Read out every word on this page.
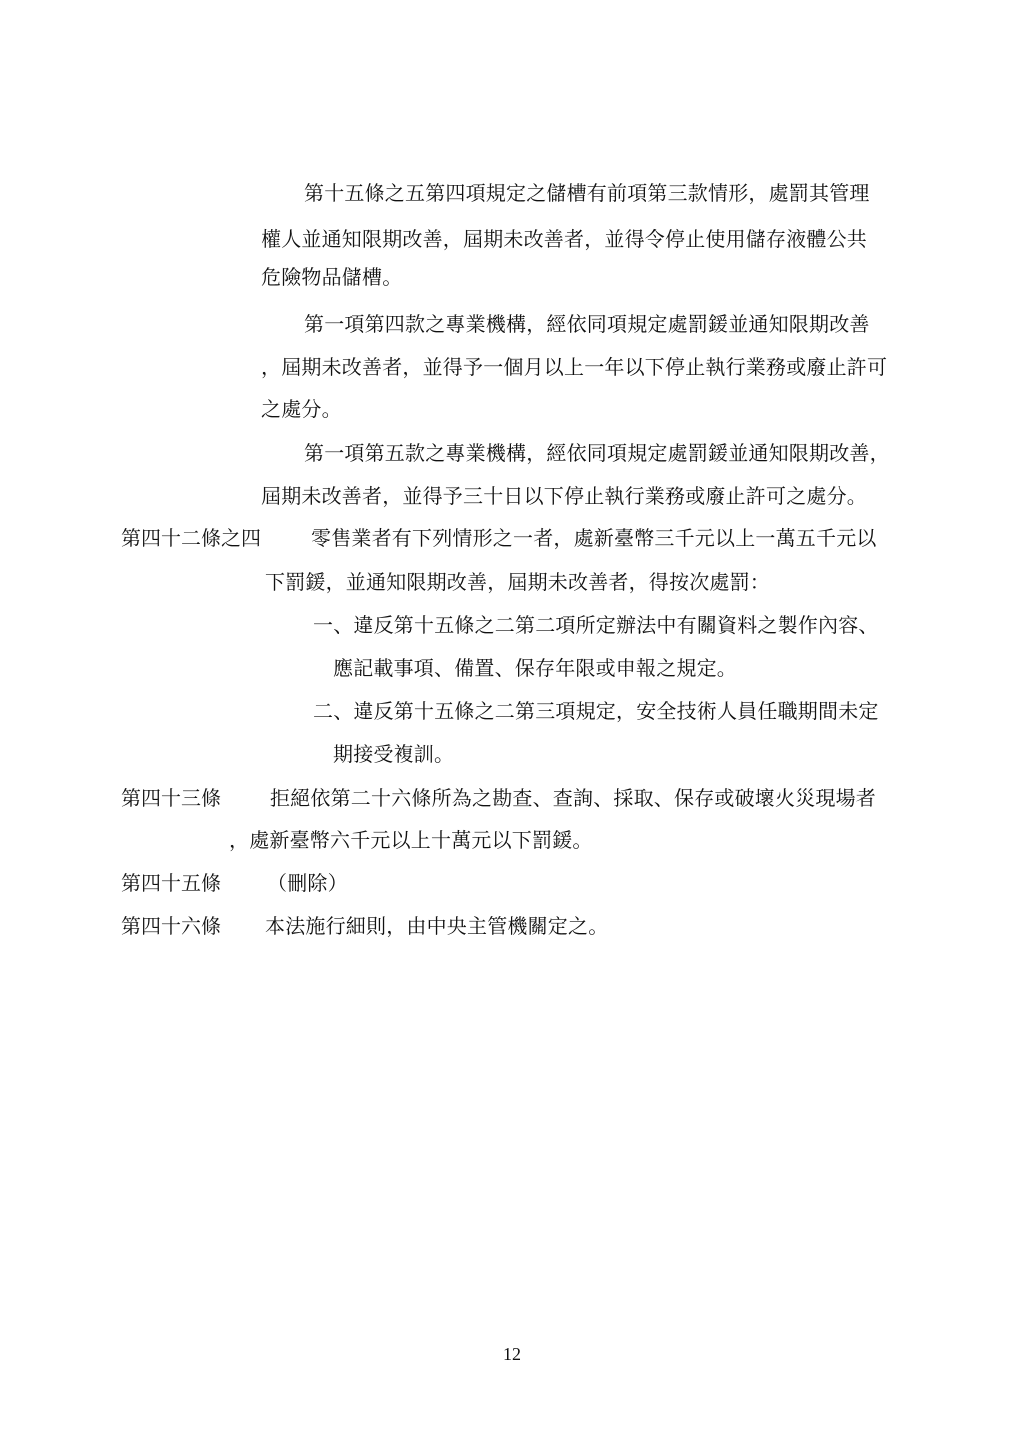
第十五條之五第四項規定之儲槽有前項第三款情形，處罰其管理
權人並通知限期改善，屆期未改善者，並得令停止使用儲存液體公共
危險物品儲槽。
第一項第四款之專業機構，經依同項規定處罰鍰並通知限期改善
，屆期未改善者，並得予一個月以上一年以下停止執行業務或廢止許可
之處分。
第一項第五款之專業機構，經依同項規定處罰鍰並通知限期改善，
屆期未改善者，並得予三十日以下停止執行業務或廢止許可之處分。
第四十二條之四	零售業者有下列情形之一者，處新臺幣三千元以上一萬五千元以
下罰鍰，並通知限期改善，屆期未改善者，得按次處罰：
一、違反第十五條之二第二項所定辦法中有關資料之製作內容、
應記載事項、備置、保存年限或申報之規定。
二、違反第十五條之二第三項規定，安全技術人員任職期間未定
期接受複訓。
第四十三條 拒絕依第二十六條所為之勘查、查詢、採取、保存或破壞火災現場者
，處新臺幣六千元以上十萬元以下罰鍰。
第四十五條 （刪除）
第四十六條 本法施行細則，由中央主管機關定之。
12
